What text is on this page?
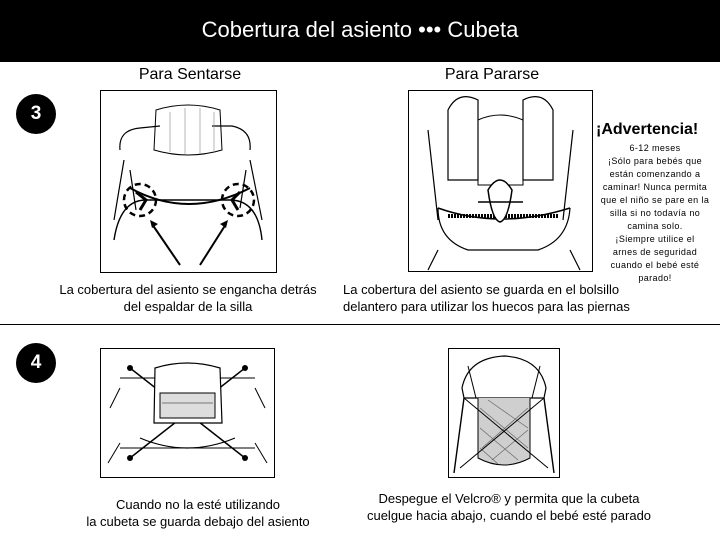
Cobertura del asiento ••• Cubeta
Para Sentarse	Para Pararse
3
¡Advertencia!
6-12 meses
¡Sólo para bebés que
están comenzando a
caminar! Nunca permita
que el niño se pare en la
silla si no todavía no
camina solo.
¡Siempre utilice el
arnes de seguridad
cuando el bebé esté
parado!
La cobertura del asiento se engancha detrás
del espaldar de la silla
La cobertura del asiento se guarda en el bolsillo
delantero para utilizar los huecos para las piernas
4
Cuando no la esté utilizando
la cubeta se guarda debajo del asiento
Despegue el Velcro® y permita que la cubeta
cuelgue hacia abajo, cuando el bebé esté parado
